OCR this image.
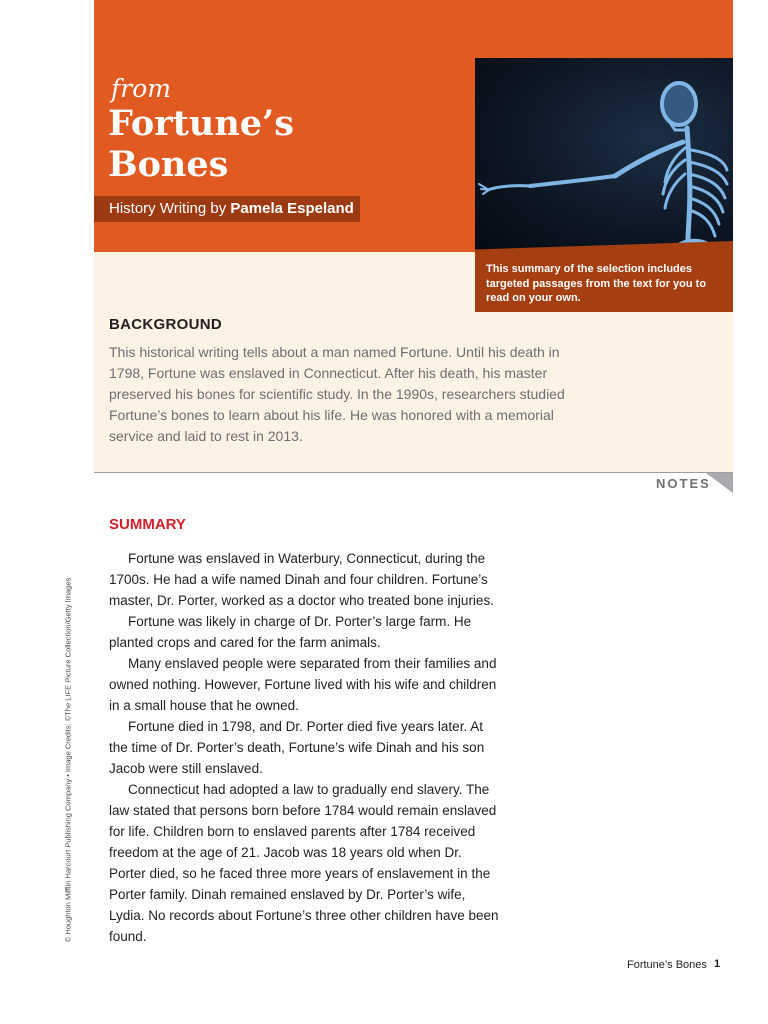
from
Fortune’s
Bones
History Writing by Pamela Espeland
This summary of the selection includes targeted passages from the text for you to read on your own.
BACKGROUND

This historical writing tells about a man named Fortune. Until his death in 1798, Fortune was enslaved in Connecticut. After his death, his master preserved his bones for scientific study. In the 1990s, researchers studied Fortune’s bones to learn about his life. He was honored with a memorial service and laid to rest in 2013.

NOTES
SUMMARY

Fortune was enslaved in Waterbury, Connecticut, during the 1700s. He had a wife named Dinah and four children. Fortune’s master, Dr. Porter, worked as a doctor who treated bone injuries.

Fortune was likely in charge of Dr. Porter’s large farm. He planted crops and cared for the farm animals.

Many enslaved people were separated from their families and owned nothing. However, Fortune lived with his wife and children in a small house that he owned.

Fortune died in 1798, and Dr. Porter died five years later. At the time of Dr. Porter’s death, Fortune’s wife Dinah and his son Jacob were still enslaved.

Connecticut had adopted a law to gradually end slavery. The law stated that persons born before 1784 would remain enslaved for life. Children born to enslaved parents after 1784 received freedom at the age of 21. Jacob was 18 years old when Dr. Porter died, so he faced three more years of enslavement in the Porter family. Dinah remained enslaved by Dr. Porter’s wife, Lydia. No records about Fortune’s three other children have been found.

© Houghton Mifflin Harcourt Publishing Company • Image Credits: ©The LIFE Picture Collection/Getty Images
Fortune’s Bones 1
